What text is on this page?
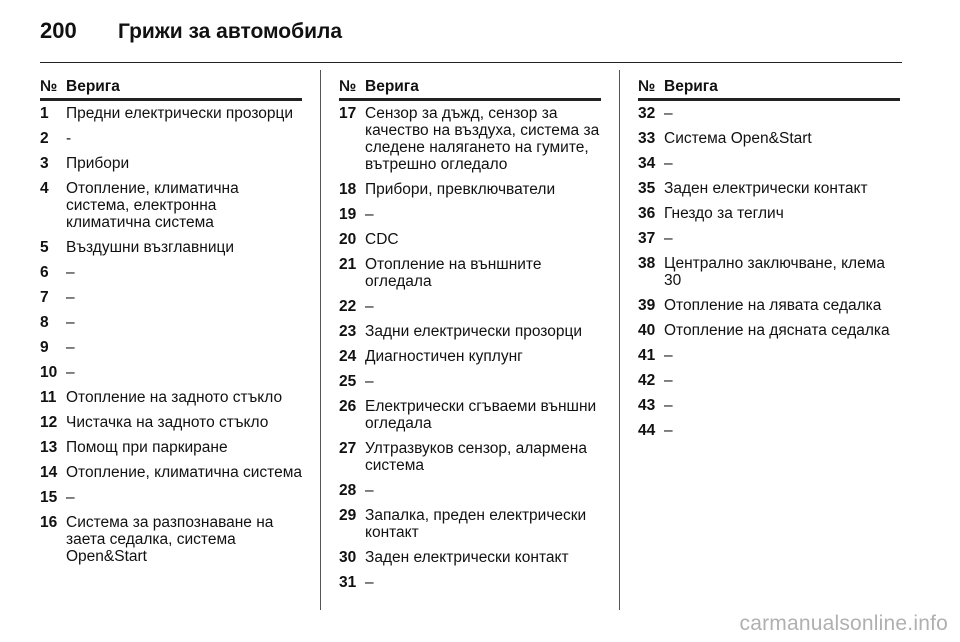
200	Грижи за автомобила
№ Верига
1	Предни електрически прозорци
2	-
3	Прибори
4	Отопление, климатична система, електронна климатична система
5	Въздушни възглавници
6	–
7	–
8	–
9	–
10 –
11 Отопление на задното стъкло
12 Чистачка на задното стъкло
13 Помощ при паркиране
14 Отопление, климатична система
15 –
16 Система за разпознаване на заета седалка, система Open&Start
№ Верига
17 Сензор за дъжд, сензор за качество на въздуха, система за следене наляганeто на гумите, вътрешно огледало
18 Прибори, превключватели
19 –
20 CDC
21 Отопление на външните огледала
22 –
23 Задни електрически прозорци
24 Диагностичен куплунг
25 –
26 Електрически сгъваеми външни огледала
27 Ултразвуков сензор, алармена система
28 –
29 Запалка, преден електрически контакт
30 Заден електрически контакт
31 –
№ Верига
32 –
33 Система Open&Start
34 –
35 Заден електрически контакт
36 Гнездо за теглич
37 –
38 Централно заключване, клема 30
39 Отопление на лявата седалка
40 Отопление на дясната седалка
41 –
42 –
43 –
44 –
carmanualsonline.info
